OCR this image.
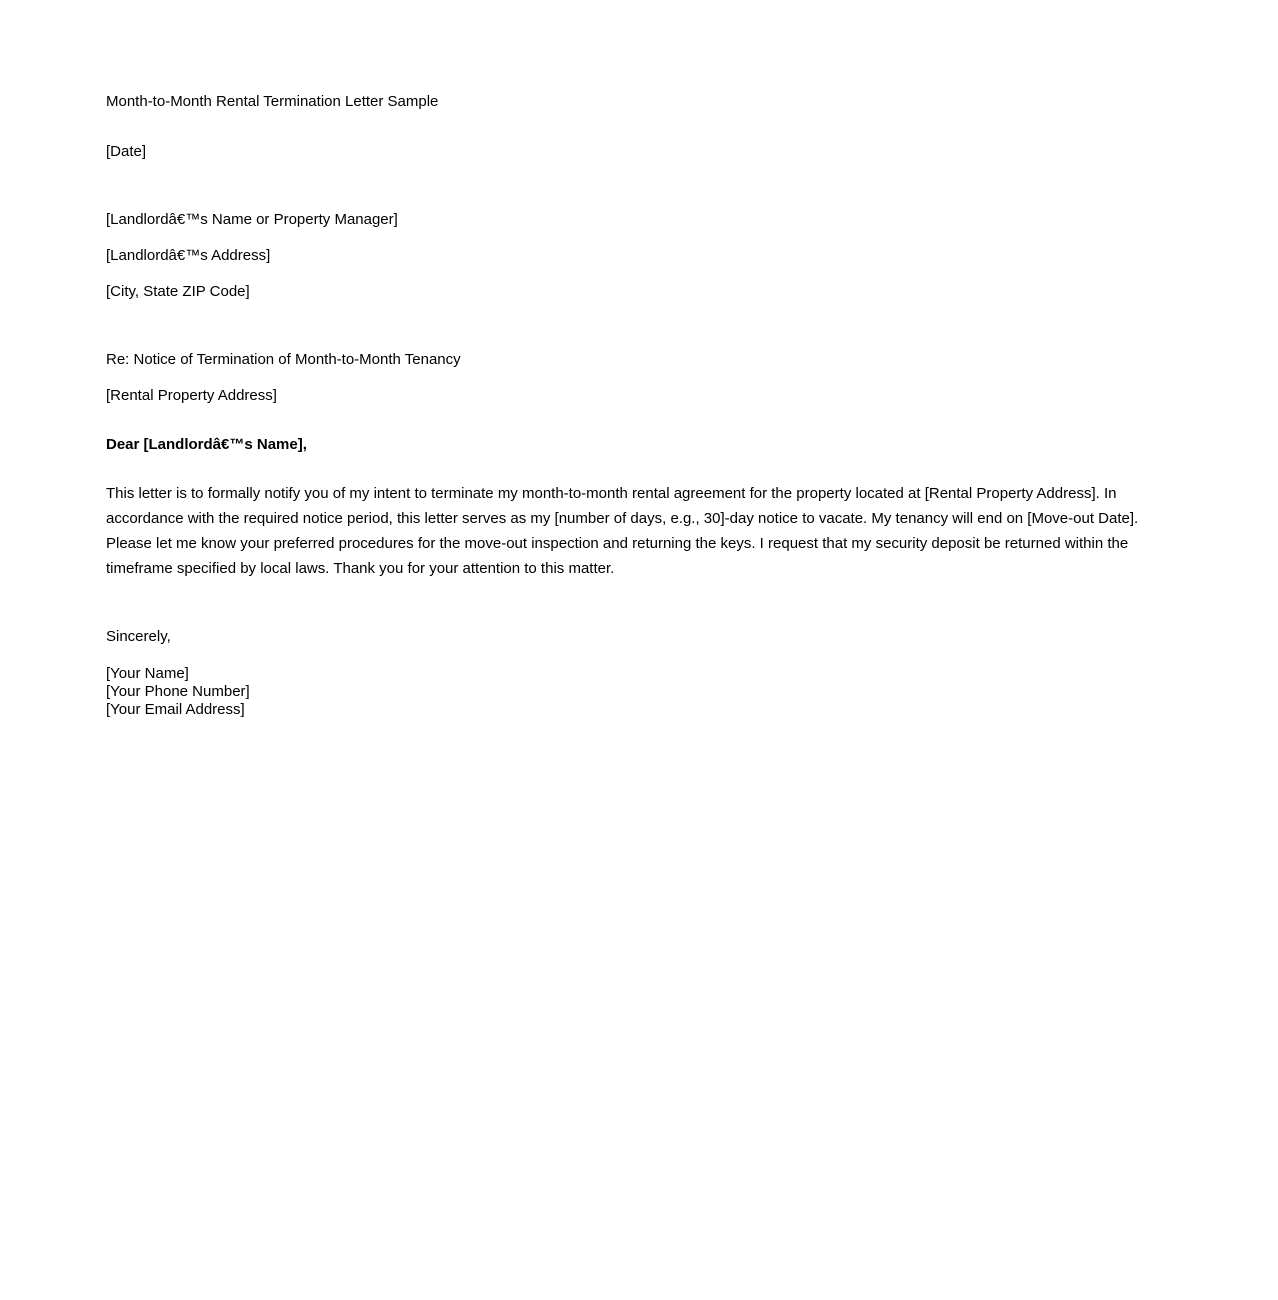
Month-to-Month Rental Termination Letter Sample

[Date]

[Landlordâ€™s Name or Property Manager]

[Landlordâ€™s Address]

[City, State ZIP Code]

Re: Notice of Termination of Month-to-Month Tenancy

[Rental Property Address]

Dear [Landlordâ€™s Name],

This letter is to formally notify you of my intent to terminate my month-to-month rental agreement for the property located at [Rental Property Address]. In accordance with the required notice period, this letter serves as my [number of days, e.g., 30]-day notice to vacate. My tenancy will end on [Move-out Date]. Please let me know your preferred procedures for the move-out inspection and returning the keys. I request that my security deposit be returned within the timeframe specified by local laws. Thank you for your attention to this matter.

Sincerely,

[Your Name]

[Your Phone Number]

[Your Email Address]
